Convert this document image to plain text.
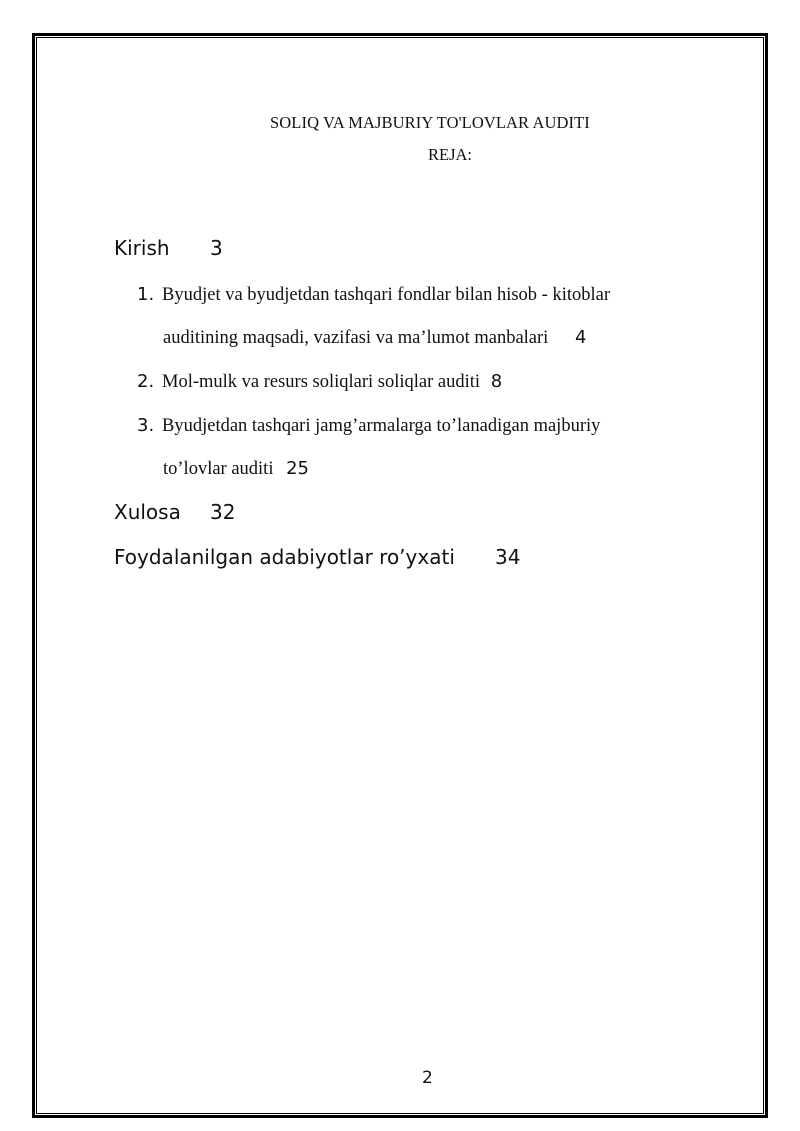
SOLIQ VA MAJBURIY TO'LOVLAR AUDITI
REJA:
Kirish 3
1. Byudjet va byudjetdan tashqari fondlar bilan hisob - kitoblar
auditining maqsadi, vazifasi va ma’lumot manbalari 4
2. Mol-mulk va resurs soliqlari soliqlar auditi 8
3. Byudjetdan tashqari jamg’armalarga to’lanadigan majburiy
to’lovlar auditi 25
Xulosa 32
Foydalanilgan adabiyotlar ro’yxati 34
2
